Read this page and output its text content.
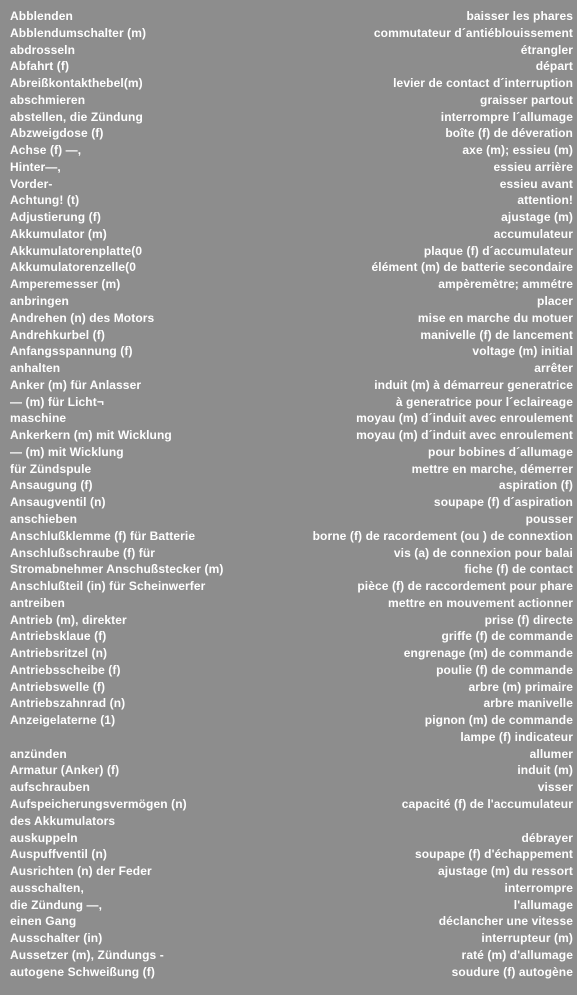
Abblenden
Abblendumschalter (m)
abdrosseln
Abfahrt (f)
Abreißkontakthebel(m)
abschmieren
abstellen, die Zündung
Abzweigdose (f)
Achse (f) —,
Hinter—,
Vorder-
Achtung! (t)
Adjustierung (f)
Akkumulator (m)
Akkumulatorenplatte(0
Akkumulatorenzelle(0
Amperemesser (m)
anbringen
Andrehen (n) des Motors
Andrehkurbel (f)
Anfangsspannung (f)
anhalten
Anker (m) für Anlasser
— (m) für Licht¬
maschine
Ankerkern (m) mit Wicklung
— (m) mit Wicklung
für Zündspule
Ansaugung (f)
Ansaugventil (n)
anschieben
Anschlußklemme (f) für Batterie
Anschlußschraube (f) für
Stromabnehmer Anschußstecker (m)
Anschlußteil (in) für Scheinwerfer
antreiben
Antrieb (m), direkter
Antriebsklaue (f)
Antriebsritzel (n)
Antriebsscheibe (f)
Antriebswelle (f)
Antriebszahnrad (n)
Anzeigelaterne (1)
anzünden
Armatur (Anker) (f)
aufschrauben
Aufspeicherungsvermögen (n)
des Akkumulators
auskuppeln
Auspuffventil (n)
Ausrichten (n) der Feder
ausschalten,
die Zündung —,
einen Gang
Ausschalter (in)
Aussetzer (m), Zündungs -
autogene Schweißung (f)
baisser les phares
commutateur d´antiéblouissement
étrangler
départ
levier de contact d´interruption
graisser partout
interrompre l´allumage
boîte (f) de déveration
axe (m); essieu (m)
essieu arrière
essieu avant
attention!
ajustage (m)
accumulateur
plaque (f) d´accumulateur
élément (m) de batterie secondaire
ampèremètre; ammétre
placer
mise en marche du motuer
manivelle (f) de lancement
voltage (m) initial
arrêter
induit (m) à démarreur generatrice
à generatrice pour l´eclaireage
moyau (m) d´induit avec enroulement
moyau (m) d´induit avec enroulement
pour bobines d´allumage
mettre en marche, démerrer
aspiration (f)
soupape (f) d´aspiration
pousser
borne (f) de racordement (ou ) de connextion
vis (a) de connexion pour balai
fiche (f) de contact
pièce (f) de raccordement pour phare
mettre en mouvement actionner
prise (f) directe
griffe (f) de commande
engrenage (m) de commande
poulie (f) de commande
arbre (m) primaire
arbre manivelle
pignon (m) de commande
lampe (f) indicateur
allumer
induit (m)
visser
capacité (f) de l'accumulateur
débrayer
soupape (f) d'échappement
ajustage (m) du ressort
interrompre
l'allumage
déclancher une vitesse
interrupteur (m)
raté (m) d'allumage
soudure (f) autogène
